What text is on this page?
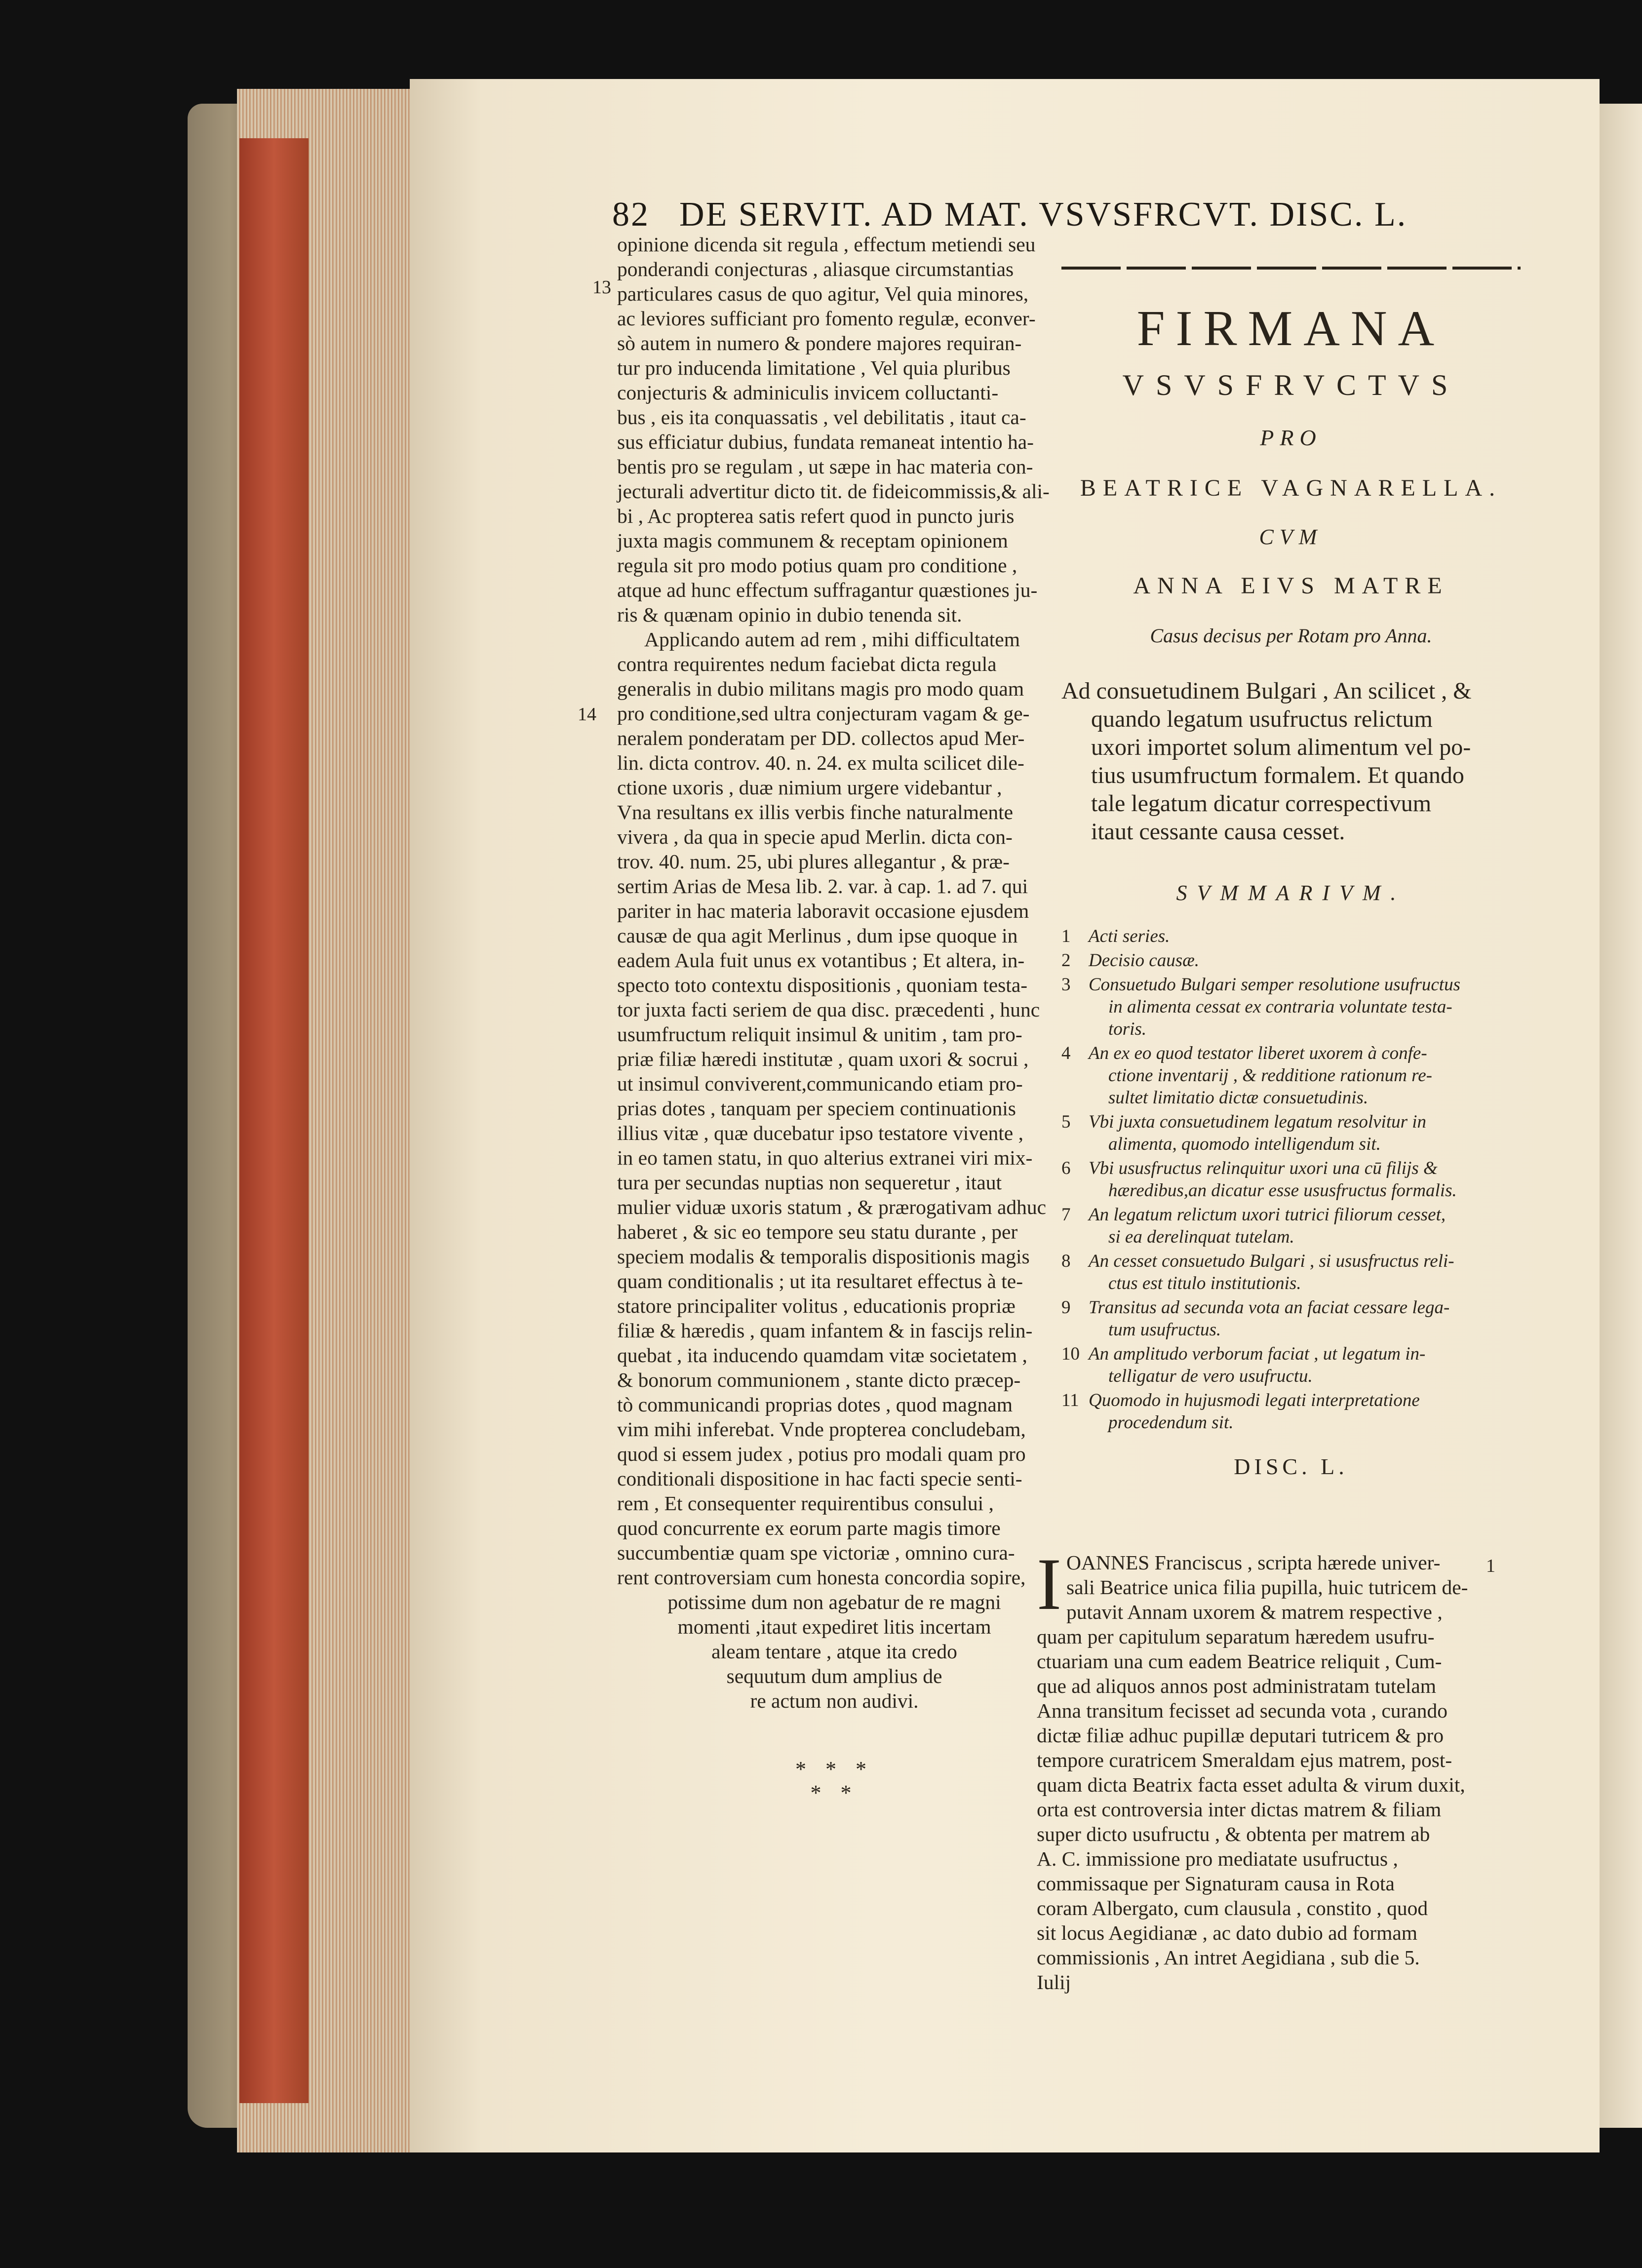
82 DE SERVIT. AD MAT. VSVSFRCVT. DISC. L.
13
14
opinione dicenda sit regula , effectum metiendi seu
ponderandi conjecturas , aliasque circumstantias
particulares casus de quo agitur, Vel quia minores,
ac leviores sufficiant pro fomento regulæ, econver-
sò autem in numero & pondere majores requiran-
tur pro inducenda limitatione , Vel quia pluribus
conjecturis & adminiculis invicem colluctanti-
bus , eis ita conquassatis , vel debilitatis , itaut ca-
sus efficiatur dubius, fundata remaneat intentio ha-
bentis pro se regulam , ut sæpe in hac materia con-
jecturali advertitur dicto tit. de fideicommissis,& ali-
bi , Ac propterea satis refert quod in puncto juris
juxta magis communem & receptam opinionem
regula sit pro modo potius quam pro conditione ,
atque ad hunc effectum suffragantur quæstiones ju-
ris & quænam opinio in dubio tenenda sit.
Applicando autem ad rem , mihi difficultatem
contra requirentes nedum faciebat dicta regula
generalis in dubio militans magis pro modo quam
pro conditione,sed ultra conjecturam vagam & ge-
neralem ponderatam per DD. collectos apud Mer-
lin. dicta controv. 40. n. 24. ex multa scilicet dile-
ctione uxoris , duæ nimium urgere videbantur ,
Vna resultans ex illis verbis finche naturalmente
vivera , da qua in specie apud Merlin. dicta con-
trov. 40. num. 25, ubi plures allegantur , & præ-
sertim Arias de Mesa lib. 2. var. à cap. 1. ad 7. qui
pariter in hac materia laboravit occasione ejusdem
causæ de qua agit Merlinus , dum ipse quoque in
eadem Aula fuit unus ex votantibus ; Et altera, in-
specto toto contextu dispositionis , quoniam testa-
tor juxta facti seriem de qua disc. præcedenti , hunc
usumfructum reliquit insimul & unitim , tam pro-
priæ filiæ hæredi institutæ , quam uxori & socrui ,
ut insimul conviverent,communicando etiam pro-
prias dotes , tanquam per speciem continuationis
illius vitæ , quæ ducebatur ipso testatore vivente ,
in eo tamen statu, in quo alterius extranei viri mix-
tura per secundas nuptias non sequeretur , itaut
mulier viduæ uxoris statum , & prærogativam adhuc
haberet , & sic eo tempore seu statu durante , per
speciem modalis & temporalis dispositionis magis
quam conditionalis ; ut ita resultaret effectus à te-
statore principaliter volitus , educationis propriæ
filiæ & hæredis , quam infantem & in fascijs relin-
quebat , ita inducendo quamdam vitæ societatem ,
& bonorum communionem , stante dicto præcep-
tò communicandi proprias dotes , quod magnam
vim mihi inferebat. Vnde propterea concludebam,
quod si essem judex , potius pro modali quam pro
conditionali dispositione in hac facti specie senti-
rem , Et consequenter requirentibus consului ,
quod concurrente ex eorum parte magis timore
succumbentiæ quam spe victoriæ , omnino cura-
rent controversiam cum honesta concordia sopire,
potissime dum non agebatur de re magni
momenti ,itaut expediret litis incertam
aleam tentare , atque ita credo
sequutum dum amplius de
re actum non audivi.
* * *
* *
FIRMANA
VSVSFRVCTVS
PRO
BEATRICE VAGNARELLA.
CVM
ANNA EIVS MATRE
Casus decisus per Rotam pro Anna.
Ad consuetudinem Bulgari , An scilicet , &
quando legatum usufructus relictum
uxori importet solum alimentum vel po-
tius usumfructum formalem. Et quando
tale legatum dicatur correspectivum
itaut cessante causa cesset.
SVMMARIVM.
1 Acti series.
2 Decisio causæ.
3 Consuetudo Bulgari semper resolutione usufructus
in alimenta cessat ex contraria voluntate testa-
toris.
4 An ex eo quod testator liberet uxorem à confe-
ctione inventarij , & redditione rationum re-
sultet limitatio dictæ consuetudinis.
5 Vbi juxta consuetudinem legatum resolvitur in
alimenta, quomodo intelligendum sit.
6 Vbi ususfructus relinquitur uxori una cū filijs &
hæredibus,an dicatur esse ususfructus formalis.
7 An legatum relictum uxori tutrici filiorum cesset,
si ea derelinquat tutelam.
8 An cesset consuetudo Bulgari , si ususfructus reli-
ctus est titulo institutionis.
9 Transitus ad secunda vota an faciat cessare lega-
tum usufructus.
10 An amplitudo verborum faciat , ut legatum in-
telligatur de vero usufructu.
11 Quomodo in hujusmodi legati interpretatione
procedendum sit.
DISC. L.
1
I OANNES Franciscus , scripta hærede univer-
sali Beatrice unica filia pupilla, huic tutricem de-
putavit Annam uxorem & matrem respective ,
quam per capitulum separatum hæredem usufru-
ctuariam una cum eadem Beatrice reliquit , Cum-
que ad aliquos annos post administratam tutelam
Anna transitum fecisset ad secunda vota , curando
dictæ filiæ adhuc pupillæ deputari tutricem & pro
tempore curatricem Smeraldam ejus matrem, post-
quam dicta Beatrix facta esset adulta & virum duxit,
orta est controversia inter dictas matrem & filiam
super dicto usufructu , & obtenta per matrem ab
A. C. immissione pro mediatate usufructus ,
commissaque per Signaturam causa in Rota
coram Albergato, cum clausula , constito , quod
sit locus Aegidianæ , ac dato dubio ad formam
commissionis , An intret Aegidiana , sub die 5.
Iulij
